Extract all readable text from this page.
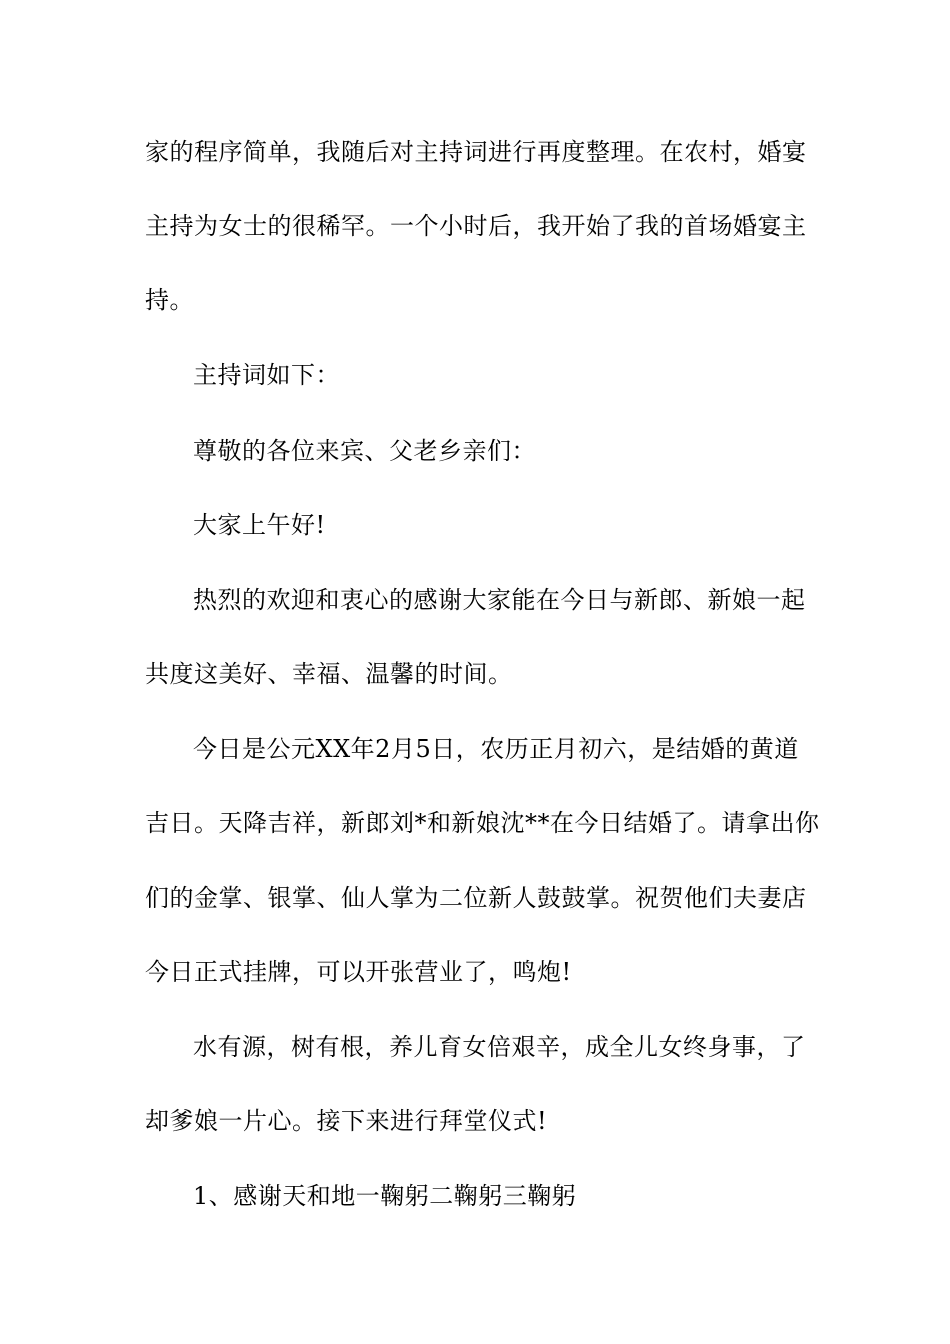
家的程序简单，我随后对主持词进行再度整理。在农村，婚宴
主持为女士的很稀罕。一个小时后，我开始了我的首场婚宴主
持。
主持词如下：
尊敬的各位来宾、父老乡亲们：
大家上午好!
热烈的欢迎和衷心的感谢大家能在今日与新郎、新娘一起
共度这美好、幸福、温馨的时间。
今日是公元XX年2月5日，农历正月初六，是结婚的黄道
吉日。天降吉祥，新郎刘*和新娘沈**在今日结婚了。请拿出你
们的金掌、银掌、仙人掌为二位新人鼓鼓掌。祝贺他们夫妻店
今日正式挂牌，可以开张营业了，鸣炮!
水有源，树有根，养儿育女倍艰辛，成全儿女终身事，了
却爹娘一片心。接下来进行拜堂仪式!
1、感谢天和地一鞠躬二鞠躬三鞠躬
